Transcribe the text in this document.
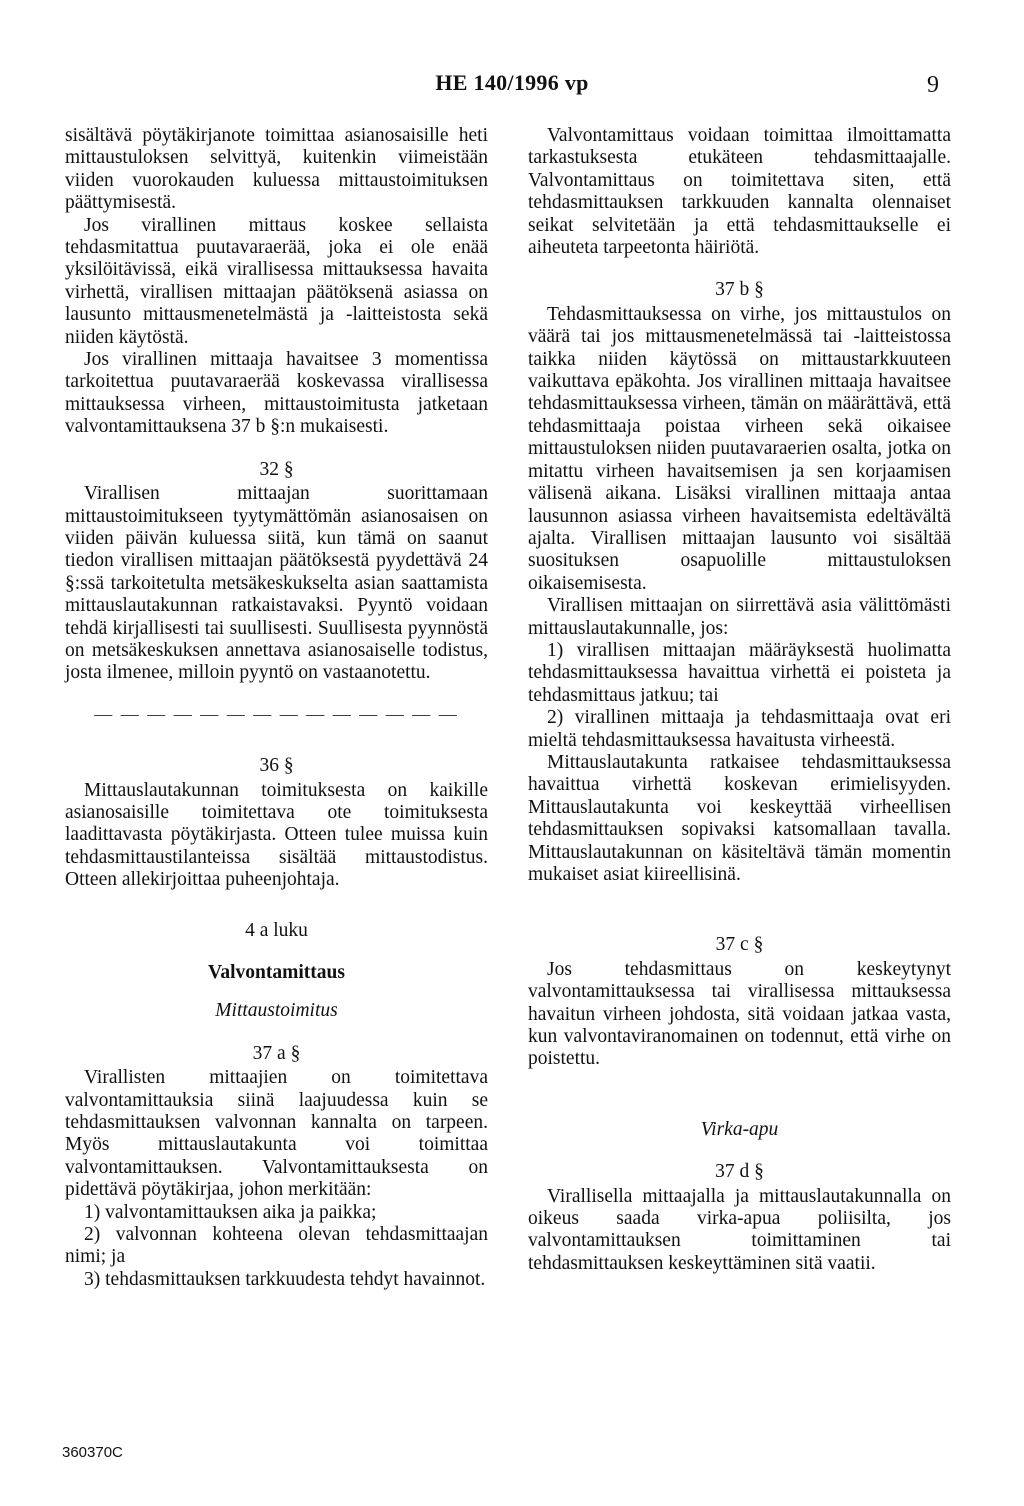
HE 140/1996 vp	9

sisältävä pöytäkirjanote toimittaa asianosaisille heti mittaustuloksen selvittyä, kuitenkin viimeistään viiden vuorokauden kuluessa mittaustoimituksen päättymisestä.

Jos virallinen mittaus koskee sellaista tehdasmitattua puutavaraerää, joka ei ole enää yksilöitävissä, eikä virallisessa mittauksessa havaita virhettä, virallisen mittaajan päätöksenä asiassa on lausunto mittausmenetelmästä ja -laitteistosta sekä niiden käytöstä.

Jos virallinen mittaaja havaitsee 3 momentissa tarkoitettua puutavaraerää koskevassa virallisessa mittauksessa virheen, mittaustoimitusta jatketaan valvontamittauksena 37 b §:n mukaisesti.

32 §

Virallisen mittaajan suorittamaan mittaustoimitukseen tyytymättömän asianosaisen on viiden päivän kuluessa siitä, kun tämä on saanut tiedon virallisen mittaajan päätöksestä pyydettävä 24 §:ssä tarkoitetulta metsäkeskukselta asian saattamista mittauslautakunnan ratkaistavaksi. Pyyntö voidaan tehdä kirjallisesti tai suullisesti. Suullisesta pyynnöstä on metsäkeskuksen annettava asianosaiselle todistus, josta ilmenee, milloin pyyntö on vastaanotettu.

— — — — — — — — — — — — — —
36 §

Mittauslautakunnan toimituksesta on kaikille asianosaisille toimitettava ote toimituksesta laadittavasta pöytäkirjasta. Otteen tulee muissa kuin tehdasmittaustilanteissa sisältää mittaustodistus. Otteen allekirjoittaa puheenjohtaja.

4 a luku
Valvontamittaus
Mittaustoimitus
37 a §

Virallisten mittaajien on toimitettava valvontamittauksia siinä laajuudessa kuin se tehdasmittauksen valvonnan kannalta on tarpeen. Myös mittauslautakunta voi toimittaa valvontamittauksen. Valvontamittauksesta on pidettävä pöytäkirjaa, johon merkitään:

1) valvontamittauksen aika ja paikka;

2) valvonnan kohteena olevan tehdasmittaajan nimi; ja

3) tehdasmittauksen tarkkuudesta tehdyt havainnot.

Valvontamittaus voidaan toimittaa ilmoittamatta tarkastuksesta etukäteen tehdasmittaajalle. Valvontamittaus on toimitettava siten, että tehdasmittauksen tarkkuuden kannalta olennaiset seikat selvitetään ja että tehdasmittaukselle ei aiheuteta tarpeetonta häiriötä.

37 b §

Tehdasmittauksessa on virhe, jos mittaustulos on väärä tai jos mittausmenetelmässä tai -laitteistossa taikka niiden käytössä on mittaustarkkuuteen vaikuttava epäkohta. Jos virallinen mittaaja havaitsee tehdasmittauksessa virheen, tämän on määrättävä, että tehdasmittaaja poistaa virheen sekä oikaisee mittaustuloksen niiden puutavaraerien osalta, jotka on mitattu virheen havaitsemisen ja sen korjaamisen välisenä aikana. Lisäksi virallinen mittaaja antaa lausunnon asiassa virheen havaitsemista edeltävältä ajalta. Virallisen mittaajan lausunto voi sisältää suosituksen osapuolille mittaustuloksen oikaisemisesta.

Virallisen mittaajan on siirrettävä asia välittömästi mittauslautakunnalle, jos:

1) virallisen mittaajan määräyksestä huolimatta tehdasmittauksessa havaittua virhettä ei poisteta ja tehdasmittaus jatkuu; tai

2) virallinen mittaaja ja tehdasmittaaja ovat eri mieltä tehdasmittauksessa havaitusta virheestä.

Mittauslautakunta ratkaisee tehdasmittauksessa havaittua virhettä koskevan erimielisyyden. Mittauslautakunta voi keskeyttää virheellisen tehdasmittauksen sopivaksi katsomallaan tavalla. Mittauslautakunnan on käsiteltävä tämän momentin mukaiset asiat kiireellisinä.

37 c §

Jos tehdasmittaus on keskeytynyt valvontamittauksessa tai virallisessa mittauksessa havaitun virheen johdosta, sitä voidaan jatkaa vasta, kun valvontaviranomainen on todennut, että virhe on poistettu.

Virka-apu
37 d §

Virallisella mittaajalla ja mittauslautakunnalla on oikeus saada virka-apua poliisilta, jos valvontamittauksen toimittaminen tai tehdasmittauksen keskeyttäminen sitä vaatii.

360370C
